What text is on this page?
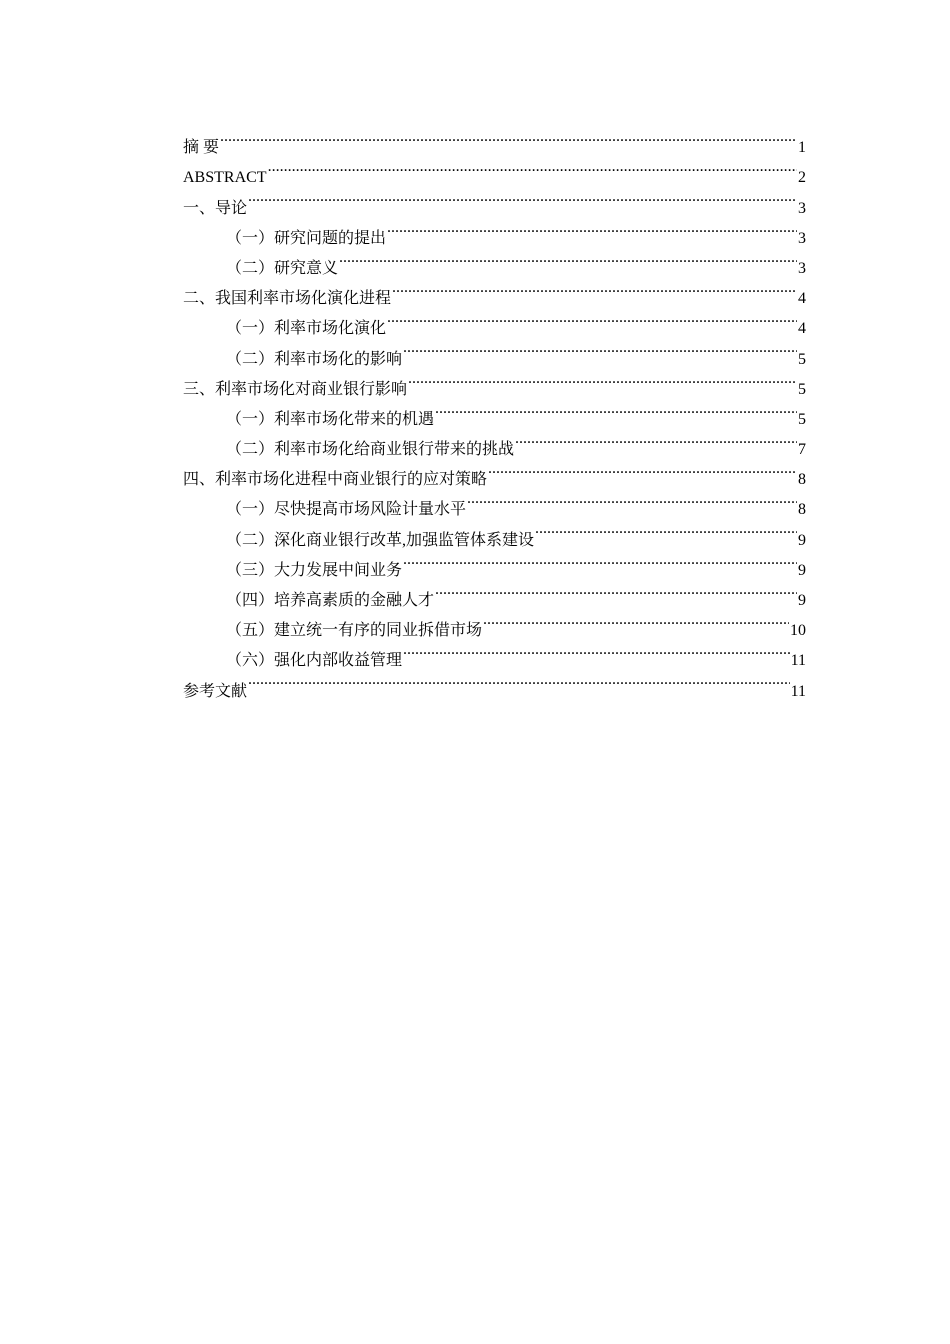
摘 要 .....	1
ABSTRACT .....	2
一、导论 .....	3
（一）研究问题的提出 .....	3
（二）研究意义 .....	3
二、我国利率市场化演化进程 .....	4
（一）利率市场化演化 .....	4
（二）利率市场化的影响 .....	5
三、利率市场化对商业银行影响 .....	5
（一）利率市场化带来的机遇 .....	5
（二）利率市场化给商业银行带来的挑战 .....	7
四、利率市场化进程中商业银行的应对策略 .....	8
（一）尽快提高市场风险计量水平 .....	8
（二）深化商业银行改革,加强监管体系建设 .....	9
（三）大力发展中间业务 .....	9
（四）培养高素质的金融人才 .....	9
（五）建立统一有序的同业拆借市场 .....	10
（六）强化内部收益管理 .....	11
参考文献 .....	11
